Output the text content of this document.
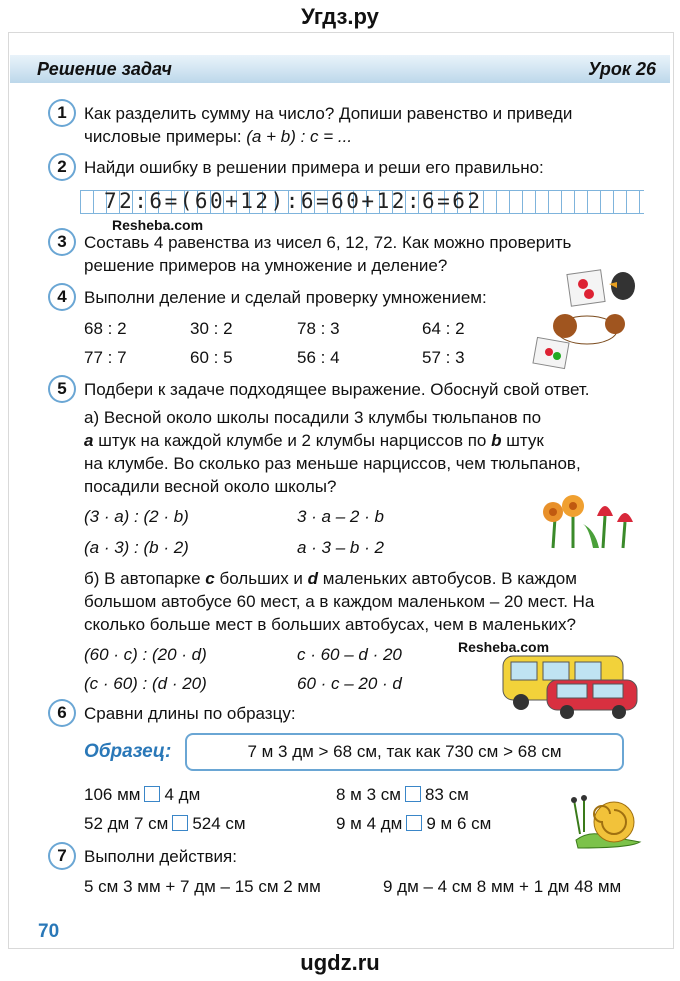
Угдз.ру
Решение задач	Урок 26
1	Как разделить сумму на число? Допиши равенство и приведи
числовые примеры: (a + b) : c = ...
2	Найди ошибку в решении примера и реши его правильно:
72:6=(60+12):6=60+12:6=62
Resheba.com
3	Составь 4 равенства из чисел 6, 12, 72. Как можно проверить
решение примеров на умножение и деление?
4	Выполни деление и сделай проверку умножением:
68 : 2	30 : 2	78 : 3	64 : 2
77 : 7	60 : 5	56 : 4	57 : 3
5	Подбери к задаче подходящее выражение. Обоснуй свой ответ.
а) Весной около школы посадили 3 клумбы тюльпанов по
a штук на каждой клумбе и 2 клумбы нарциссов по b штук
на клумбе. Во сколько раз меньше нарциссов, чем тюльпанов,
посадили весной около школы?
(3 · a) : (2 · b)	3 · a – 2 · b
(a · 3) : (b · 2)	a · 3 – b · 2
б) В автопарке c больших и d маленьких автобусов. В каждом
большом автобусе 60 мест, а в каждом маленьком – 20 мест. На
сколько больше мест в больших автобусах, чем в маленьких?
(60 · c) : (20 · d)	c · 60 – d · 20
(c · 60) : (d · 20)	60 · c – 20 · d
Resheba.com
6	Сравни длины по образцу:
Образец:	7 м 3 дм > 68 см, так как 730 см > 68 см
106 мм 4 дм	8 м 3 см 83 см
52 дм 7 см 524 см	9 м 4 дм 9 м 6 см
7	Выполни действия:
5 см 3 мм + 7 дм – 15 см 2 мм	9 дм – 4 см 8 мм + 1 дм 48 мм
70
ugdz.ru
